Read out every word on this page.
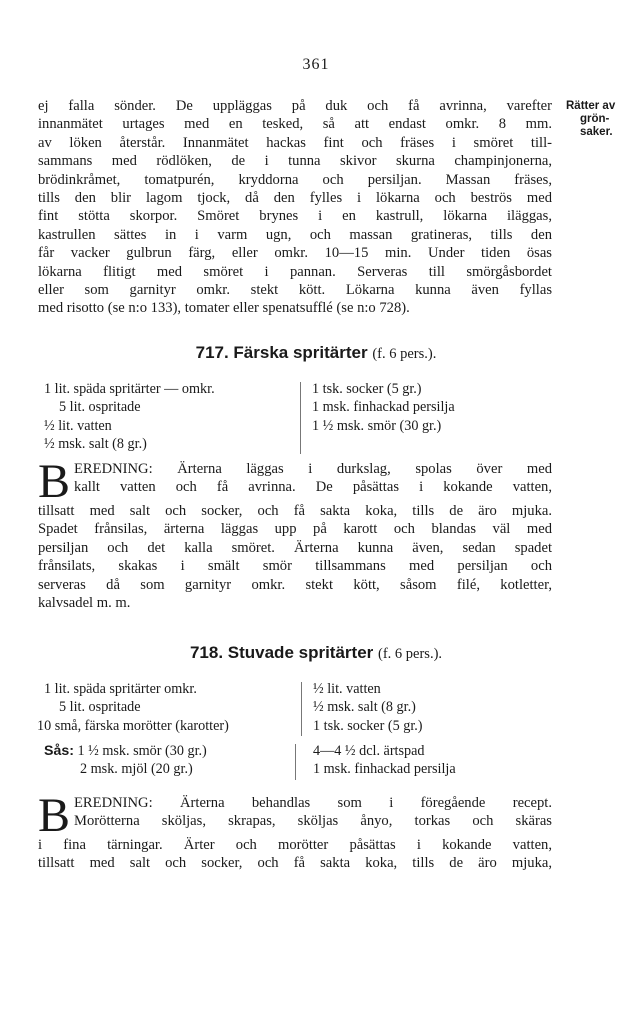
361
Rätter av
grön-
saker.

ej falla sönder. De uppläggas på duk och få avrinna, varefter

innanmätet urtages med en tesked, så att endast omkr. 8 mm.

av löken återstår. Innanmätet hackas fint och fräses i smöret till-

sammans med rödlöken, de i tunna skivor skurna champinjonerna,

brödinkråmet, tomatpurén, kryddorna och persiljan. Massan fräses,

tills den blir lagom tjock, då den fylles i lökarna och beströs med

fint stötta skorpor. Smöret brynes i en kastrull, lökarna iläggas,

kastrullen sättes in i varm ugn, och massan gratineras, tills den

får vacker gulbrun färg, eller omkr. 10—15 min. Under tiden ösas

lökarna flitigt med smöret i pannan. Serveras till smörgåsbordet

eller som garnityr omkr. stekt kött. Lökarna kunna även fyllas

med risotto (se n:o 133), tomater eller spenatsufflé (se n:o 728).

717. Färska spritärter (f. 6 pers.).
1 lit. späda spritärter — omkr.
5 lit. ospritade
½ lit. vatten
½ msk. salt (8 gr.)
1 tsk. socker (5 gr.)
1 msk. finhackad persilja
1 ½ msk. smör (30 gr.)
B EREDNING: Ärterna läggas i durkslag, spolas över med

kallt vatten och få avrinna. De påsättas i kokande vatten,

tillsatt med salt och socker, och få sakta koka, tills de äro mjuka.

Spadet frånsilas, ärterna läggas upp på karott och blandas väl med

persiljan och det kalla smöret. Ärterna kunna även, sedan spadet

frånsilats, skakas i smält smör tillsammans med persiljan och

serveras då som garnityr omkr. stekt kött, såsom filé, kotletter,

kalvsadel m. m.

718. Stuvade spritärter (f. 6 pers.).
1 lit. späda spritärter omkr.
5 lit. ospritade
10 små, färska morötter (karotter)
½ lit. vatten
½ msk. salt (8 gr.)
1 tsk. socker (5 gr.)
Sås: 1 ½ msk. smör (30 gr.)
2 msk. mjöl (20 gr.)
4—4 ½ dcl. ärtspad
1 msk. finhackad persilja
B EREDNING: Ärterna behandlas som i föregående recept.

Morötterna sköljas, skrapas, sköljas ånyo, torkas och skäras

i fina tärningar. Ärter och morötter påsättas i kokande vatten,

tillsatt med salt och socker, och få sakta koka, tills de äro mjuka,
